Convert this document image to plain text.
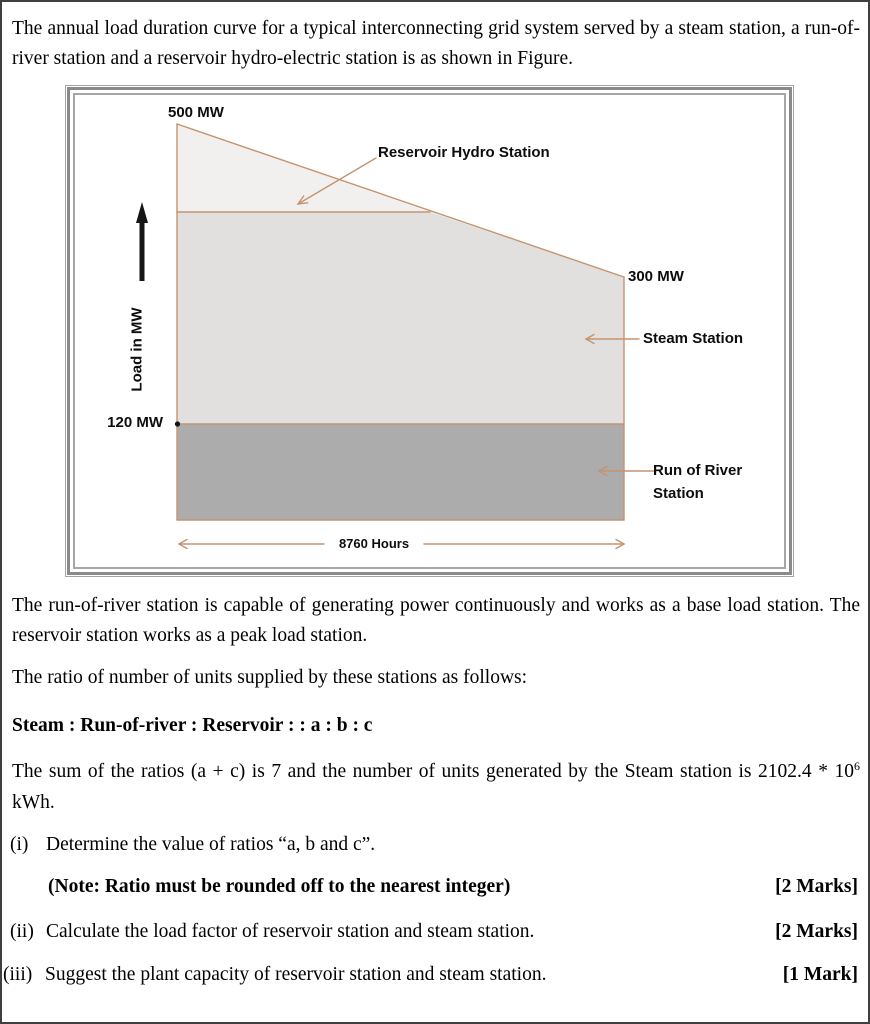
The annual load duration curve for a typical interconnecting grid system served by a steam station, a run-of-river station and a reservoir hydro-electric station is as shown in Figure.
500 MW
Reservoir Hydro Station
300 MW
Steam Station
120 MW
Run of River
Station
8760 Hours
Load in MW
The run-of-river station is capable of generating power continuously and works as a base load station. The reservoir station works as a peak load station.
The ratio of number of units supplied by these stations as follows:
Steam : Run-of-river : Reservoir : : a : b : c
The sum of the ratios (a + c) is 7 and the number of units generated by the Steam station is $2102.4 * 10^6$ kWh.
(i) Determine the value of ratios “a, b and c”.
(Note: Ratio must be rounded off to the nearest integer)	[2 Marks]
(ii) Calculate the load factor of reservoir station and steam station.	[2 Marks]
(iii) Suggest the plant capacity of reservoir station and steam station.	[1 Mark]
